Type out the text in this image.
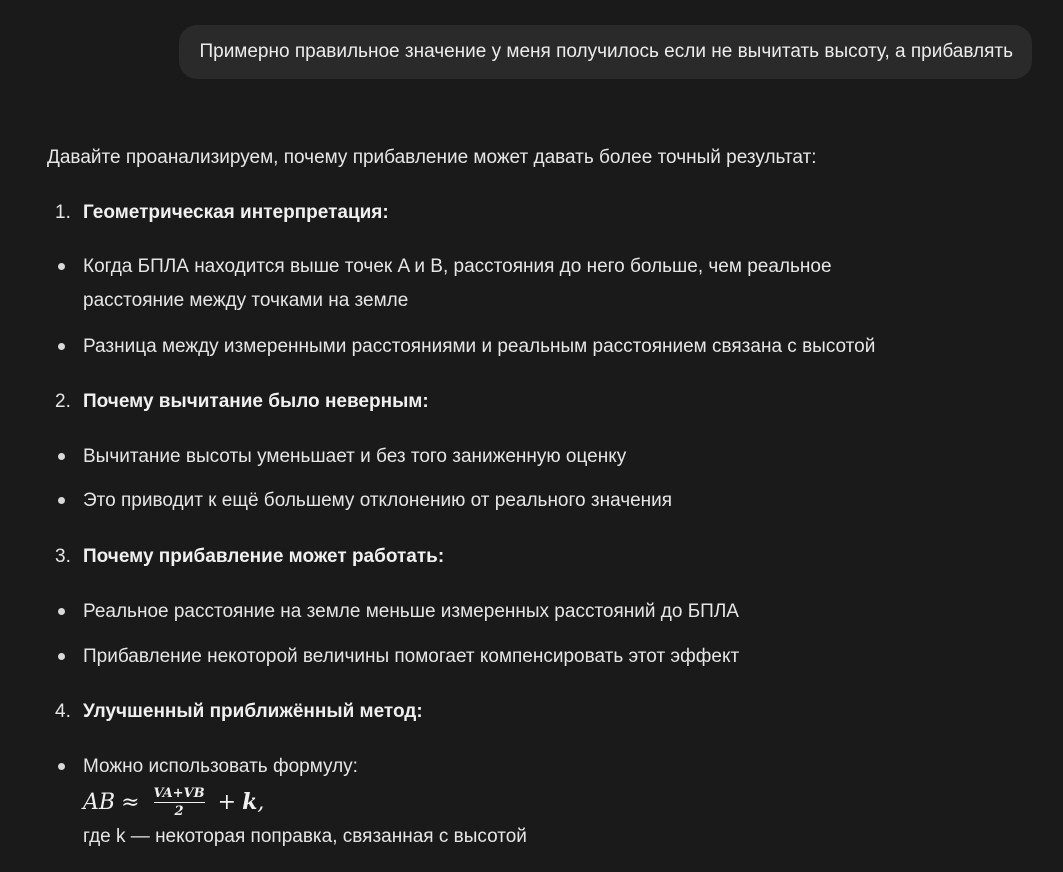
Примерно правильное значение у меня получилось если не вычитать высоту, а прибавлять
Давайте проанализируем, почему прибавление может давать более точный результат:
1. Геометрическая интерпретация:
Когда БПЛА находится выше точек A и B, расстояния до него больше, чем реальное
расстояние между точками на земле
Разница между измеренными расстояниями и реальным расстоянием связана с высотой
2. Почему вычитание было неверным:
Вычитание высоты уменьшает и без того заниженную оценку
Это приводит к ещё большему отклонению от реального значения
3. Почему прибавление может работать:
Реальное расстояние на земле меньше измеренных расстояний до БПЛА
Прибавление некоторой величины помогает компенсировать этот эффект
4. Улучшенный приближённый метод:
Можно использовать формулу:
AB ≈ $\frac{VA+VB}{2} + k$ ,
где k — некоторая поправка, связанная с высотой
